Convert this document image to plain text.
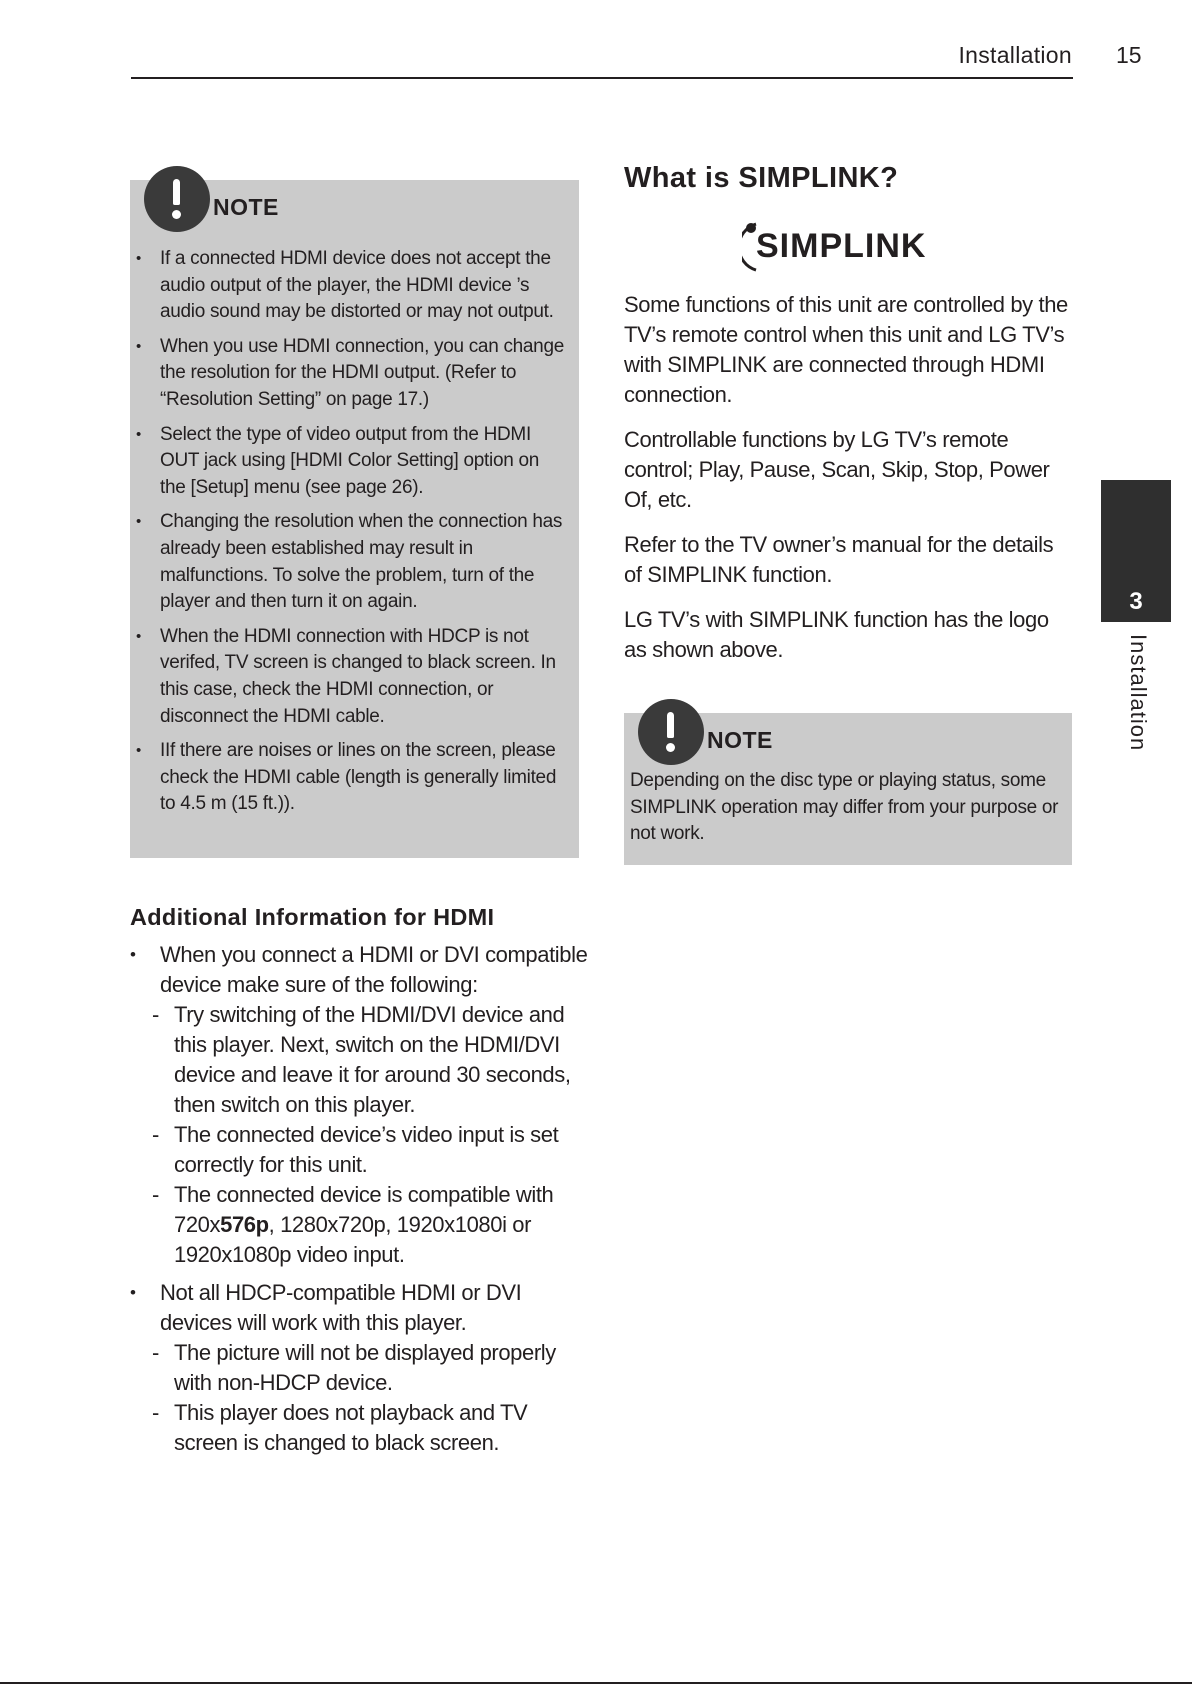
Installation 15
3
Installation
NOTE
• If a connected HDMI device does not accept the audio output of the player, the HDMI device ’s audio sound may be distorted or may not output.
• When you use HDMI connection, you can change the resolution for the HDMI output. (Refer to “Resolution Setting” on page 17.)
• Select the type of video output from the HDMI OUT jack using [HDMI Color Setting] option on the [Setup] menu (see page 26).
• Changing the resolution when the connection has already been established may result in malfunctions. To solve the problem, turn of the player and then turn it on again.
• When the HDMI connection with HDCP is not verifed, TV screen is changed to black screen. In this case, check the HDMI connection, or disconnect the HDMI cable.
• IIf there are noises or lines on the screen, please check the HDMI cable (length is generally limited to 4.5 m (15 ft.)).
Additional Information for HDMI
• When you connect a HDMI or DVI compatible device make sure of the following:
- Try switching of the HDMI/DVI device and this player. Next, switch on the HDMI/DVI device and leave it for around 30 seconds, then switch on this player.
- The connected device’s video input is set correctly for this unit.
- The connected device is compatible with 720x576p, 1280x720p, 1920x1080i or 1920x1080p video input.
• Not all HDCP-compatible HDMI or DVI devices will work with this player.
- The picture will not be displayed properly with non-HDCP device.
- This player does not playback and TV screen is changed to black screen.
What is SIMPLINK?
SIMPLINK

Some functions of this unit are controlled by the TV’s remote control when this unit and LG TV’s with SIMPLINK are connected through HDMI connection.

Controllable functions by LG TV’s remote control; Play, Pause, Scan, Skip, Stop, Power Of, etc.

Refer to the TV owner’s manual for the details of SIMPLINK function.

LG TV’s with SIMPLINK function has the logo as shown above.

NOTE

Depending on the disc type or playing status, some SIMPLINK operation may differ from your purpose or not work.
